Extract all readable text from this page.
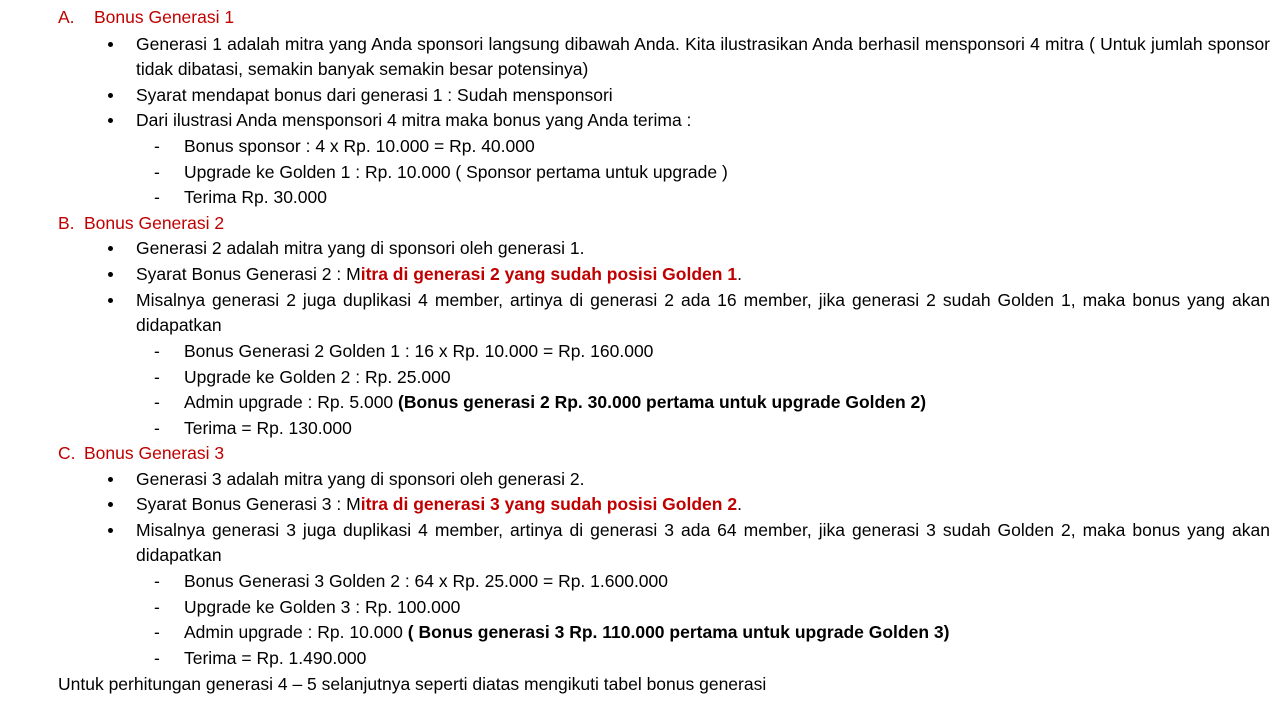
A. Bonus Generasi 1
Generasi 1 adalah mitra yang Anda sponsori langsung dibawah Anda. Kita ilustrasikan Anda berhasil mensponsori 4 mitra ( Untuk jumlah sponsor tidak dibatasi, semakin banyak semakin besar potensinya)
Syarat mendapat bonus dari generasi 1 : Sudah mensponsori
Dari ilustrasi Anda mensponsori 4 mitra maka bonus yang Anda terima :
- Bonus sponsor : 4 x Rp. 10.000 = Rp. 40.000
- Upgrade ke Golden 1 : Rp. 10.000 ( Sponsor pertama untuk upgrade )
- Terima Rp. 30.000
B. Bonus Generasi 2
Generasi 2 adalah mitra yang di sponsori oleh generasi 1.
Syarat Bonus Generasi 2 : Mitra di generasi 2 yang sudah posisi Golden 1.
Misalnya generasi 2 juga duplikasi 4 member, artinya di generasi 2 ada 16 member, jika generasi 2 sudah Golden 1, maka bonus yang akan didapatkan
- Bonus Generasi 2 Golden 1 : 16 x Rp. 10.000 = Rp. 160.000
- Upgrade ke Golden 2 : Rp. 25.000
- Admin upgrade : Rp. 5.000 (Bonus generasi 2 Rp. 30.000 pertama untuk upgrade Golden 2)
- Terima = Rp. 130.000
C. Bonus Generasi 3
Generasi 3 adalah mitra yang di sponsori oleh generasi 2.
Syarat Bonus Generasi 3 : Mitra di generasi 3 yang sudah posisi Golden 2.
Misalnya generasi 3 juga duplikasi 4 member, artinya di generasi 3 ada 64 member, jika generasi 3 sudah Golden 2, maka bonus yang akan didapatkan
- Bonus Generasi 3 Golden 2 : 64 x Rp. 25.000 = Rp. 1.600.000
- Upgrade ke Golden 3 : Rp. 100.000
- Admin upgrade : Rp. 10.000 ( Bonus generasi 3 Rp. 110.000 pertama untuk upgrade Golden 3)
- Terima = Rp. 1.490.000
Untuk perhitungan generasi 4 – 5 selanjutnya seperti diatas mengikuti tabel bonus generasi
